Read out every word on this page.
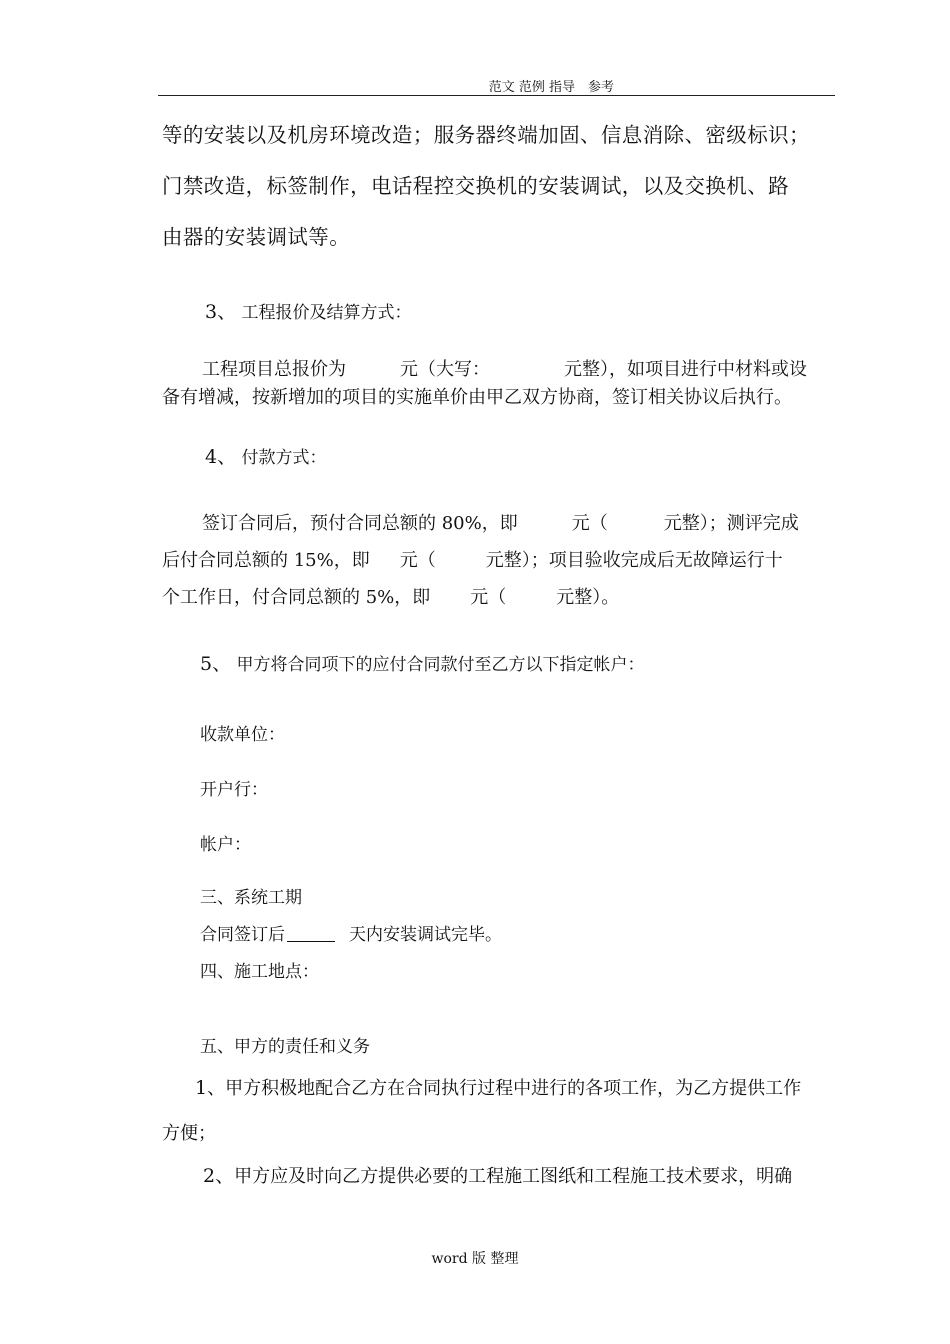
范文 范例 指导　参考
等的安装以及机房环境改造；服务器终端加固、信息消除、密级标识；
门禁改造，标签制作，电话程控交换机的安装调试，以及交换机、路
由器的安装调试等。
3、 工程报价及结算方式：
工程项目总报价为	元（大写：	元整），如项目进行中材料或设
备有增减，按新增加的项目的实施单价由甲乙双方协商，签订相关协议后执行。
4、 付款方式：
签订合同后，预付合同总额的 80%，即	元（	元整）；测评完成
后付合同总额的 15%，即 元（	元整）；项目验收完成后无故障运行十
个工作日，付合同总额的 5%，即 元（	元整）。
5、 甲方将合同项下的应付合同款付至乙方以下指定帐户：
收款单位：
开户行：
帐户：
三、系统工期
合同签订后	天内安装调试完毕。
四、施工地点：
五、甲方的责任和义务
1、甲方积极地配合乙方在合同执行过程中进行的各项工作，为乙方提供工作
方便；
2、甲方应及时向乙方提供必要的工程施工图纸和工程施工技术要求，明确
word 版 整理
